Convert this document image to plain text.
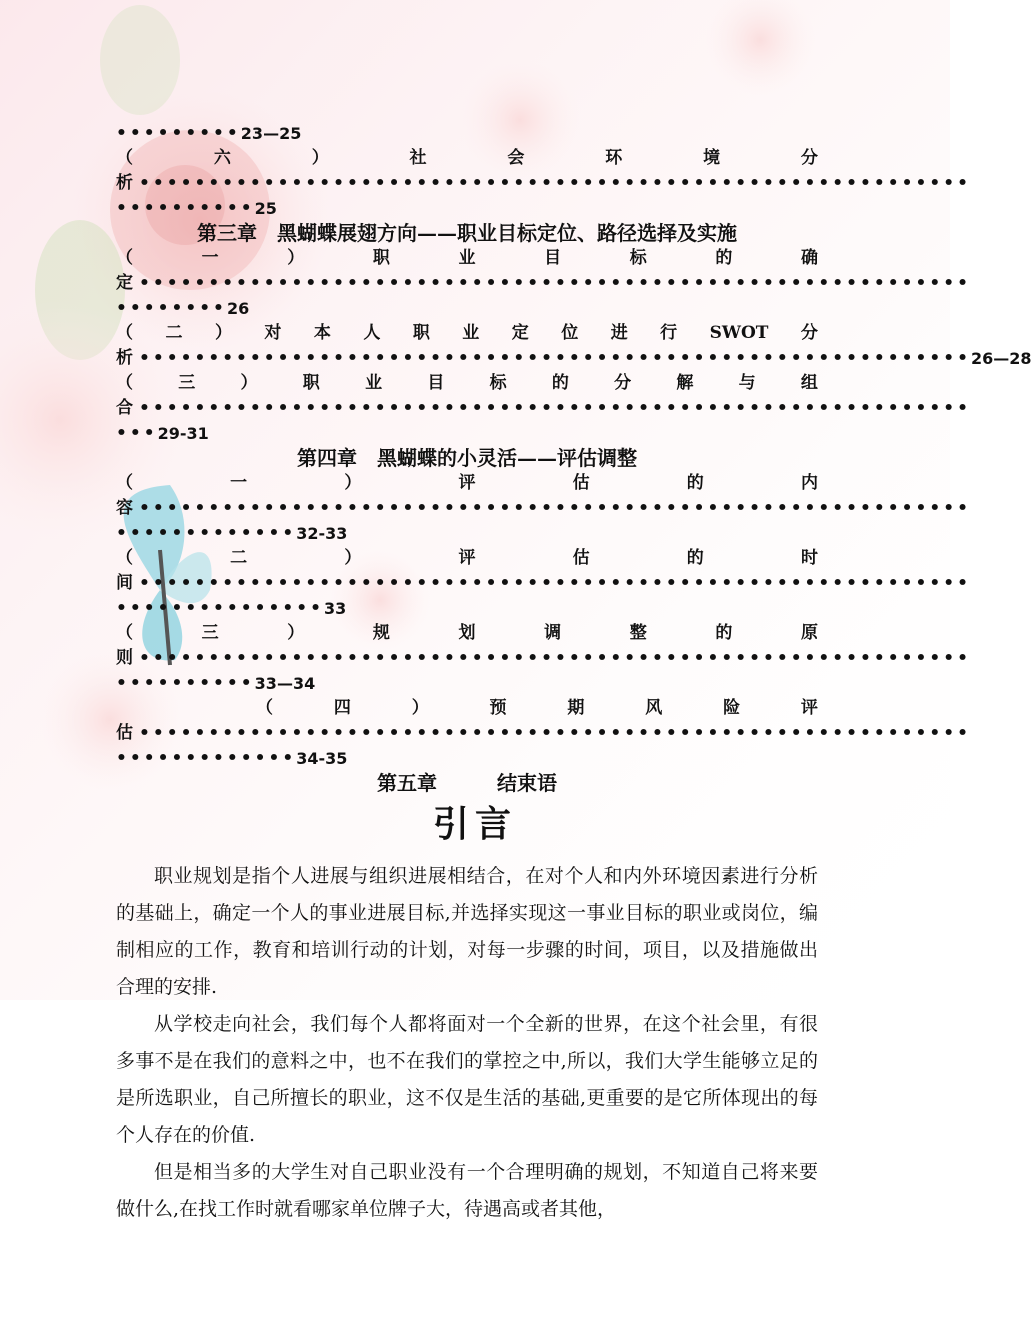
••••••••• 23—25
（	六	）	社	会	环	境	分
析 ••••••••••••••••••••••••••••••••••••••••••••••••••••••••••••
•••••••••• 25
第三章　黑蝴蝶展翅方向——职业目标定位、路径选择及实施
（	一	）	职	业	目	标	的	确
定 ••••••••••••••••••••••••••••••••••••••••••••••••••••••••••••
•••••••• 26
（ 二 ） 对 本 人 职 业 定 位 进 行 SWOT 分
析 •••••••••••••••••••••••••••••••••••••••••••••••••••••••••••• 26—28
（	三	）	职	业	目	标	的	分	解	与	组
合 ••••••••••••••••••••••••••••••••••••••••••••••••••••••••••••
••• 29-31
第四章　黑蝴蝶的小灵活——评估调整
（	一	）	评	估	的	内
容 ••••••••••••••••••••••••••••••••••••••••••••••••••••••••••••
••••••••••••• 32-33
（	二	）	评	估	的	时
间 ••••••••••••••••••••••••••••••••••••••••••••••••••••••••••••
••••••••••••••• 33
（	三	）	规	划	调	整	的	原
则 ••••••••••••••••••••••••••••••••••••••••••••••••••••••••••••
•••••••••• 33—34
（	四	）	预	期	风	险	评
估 ••••••••••••••••••••••••••••••••••••••••••••••••••••••••••••
••••••••••••• 34-35
第五章　　　结束语
引言

职业规划是指个人进展与组织进展相结合，在对个人和内外环境因素进行分析的基础上，确定一个人的事业进展目标,并选择实现这一事业目标的职业或岗位，编制相应的工作，教育和培训行动的计划，对每一步骤的时间，项目，以及措施做出合理的安排.

从学校走向社会，我们每个人都将面对一个全新的世界，在这个社会里，有很多事不是在我们的意料之中，也不在我们的掌控之中,所以，我们大学生能够立足的是所选职业，自己所擅长的职业，这不仅是生活的基础,更重要的是它所体现出的每个人存在的价值.

但是相当多的大学生对自己职业没有一个合理明确的规划，不知道自己将来要做什么,在找工作时就看哪家单位牌子大，待遇高或者其他，
